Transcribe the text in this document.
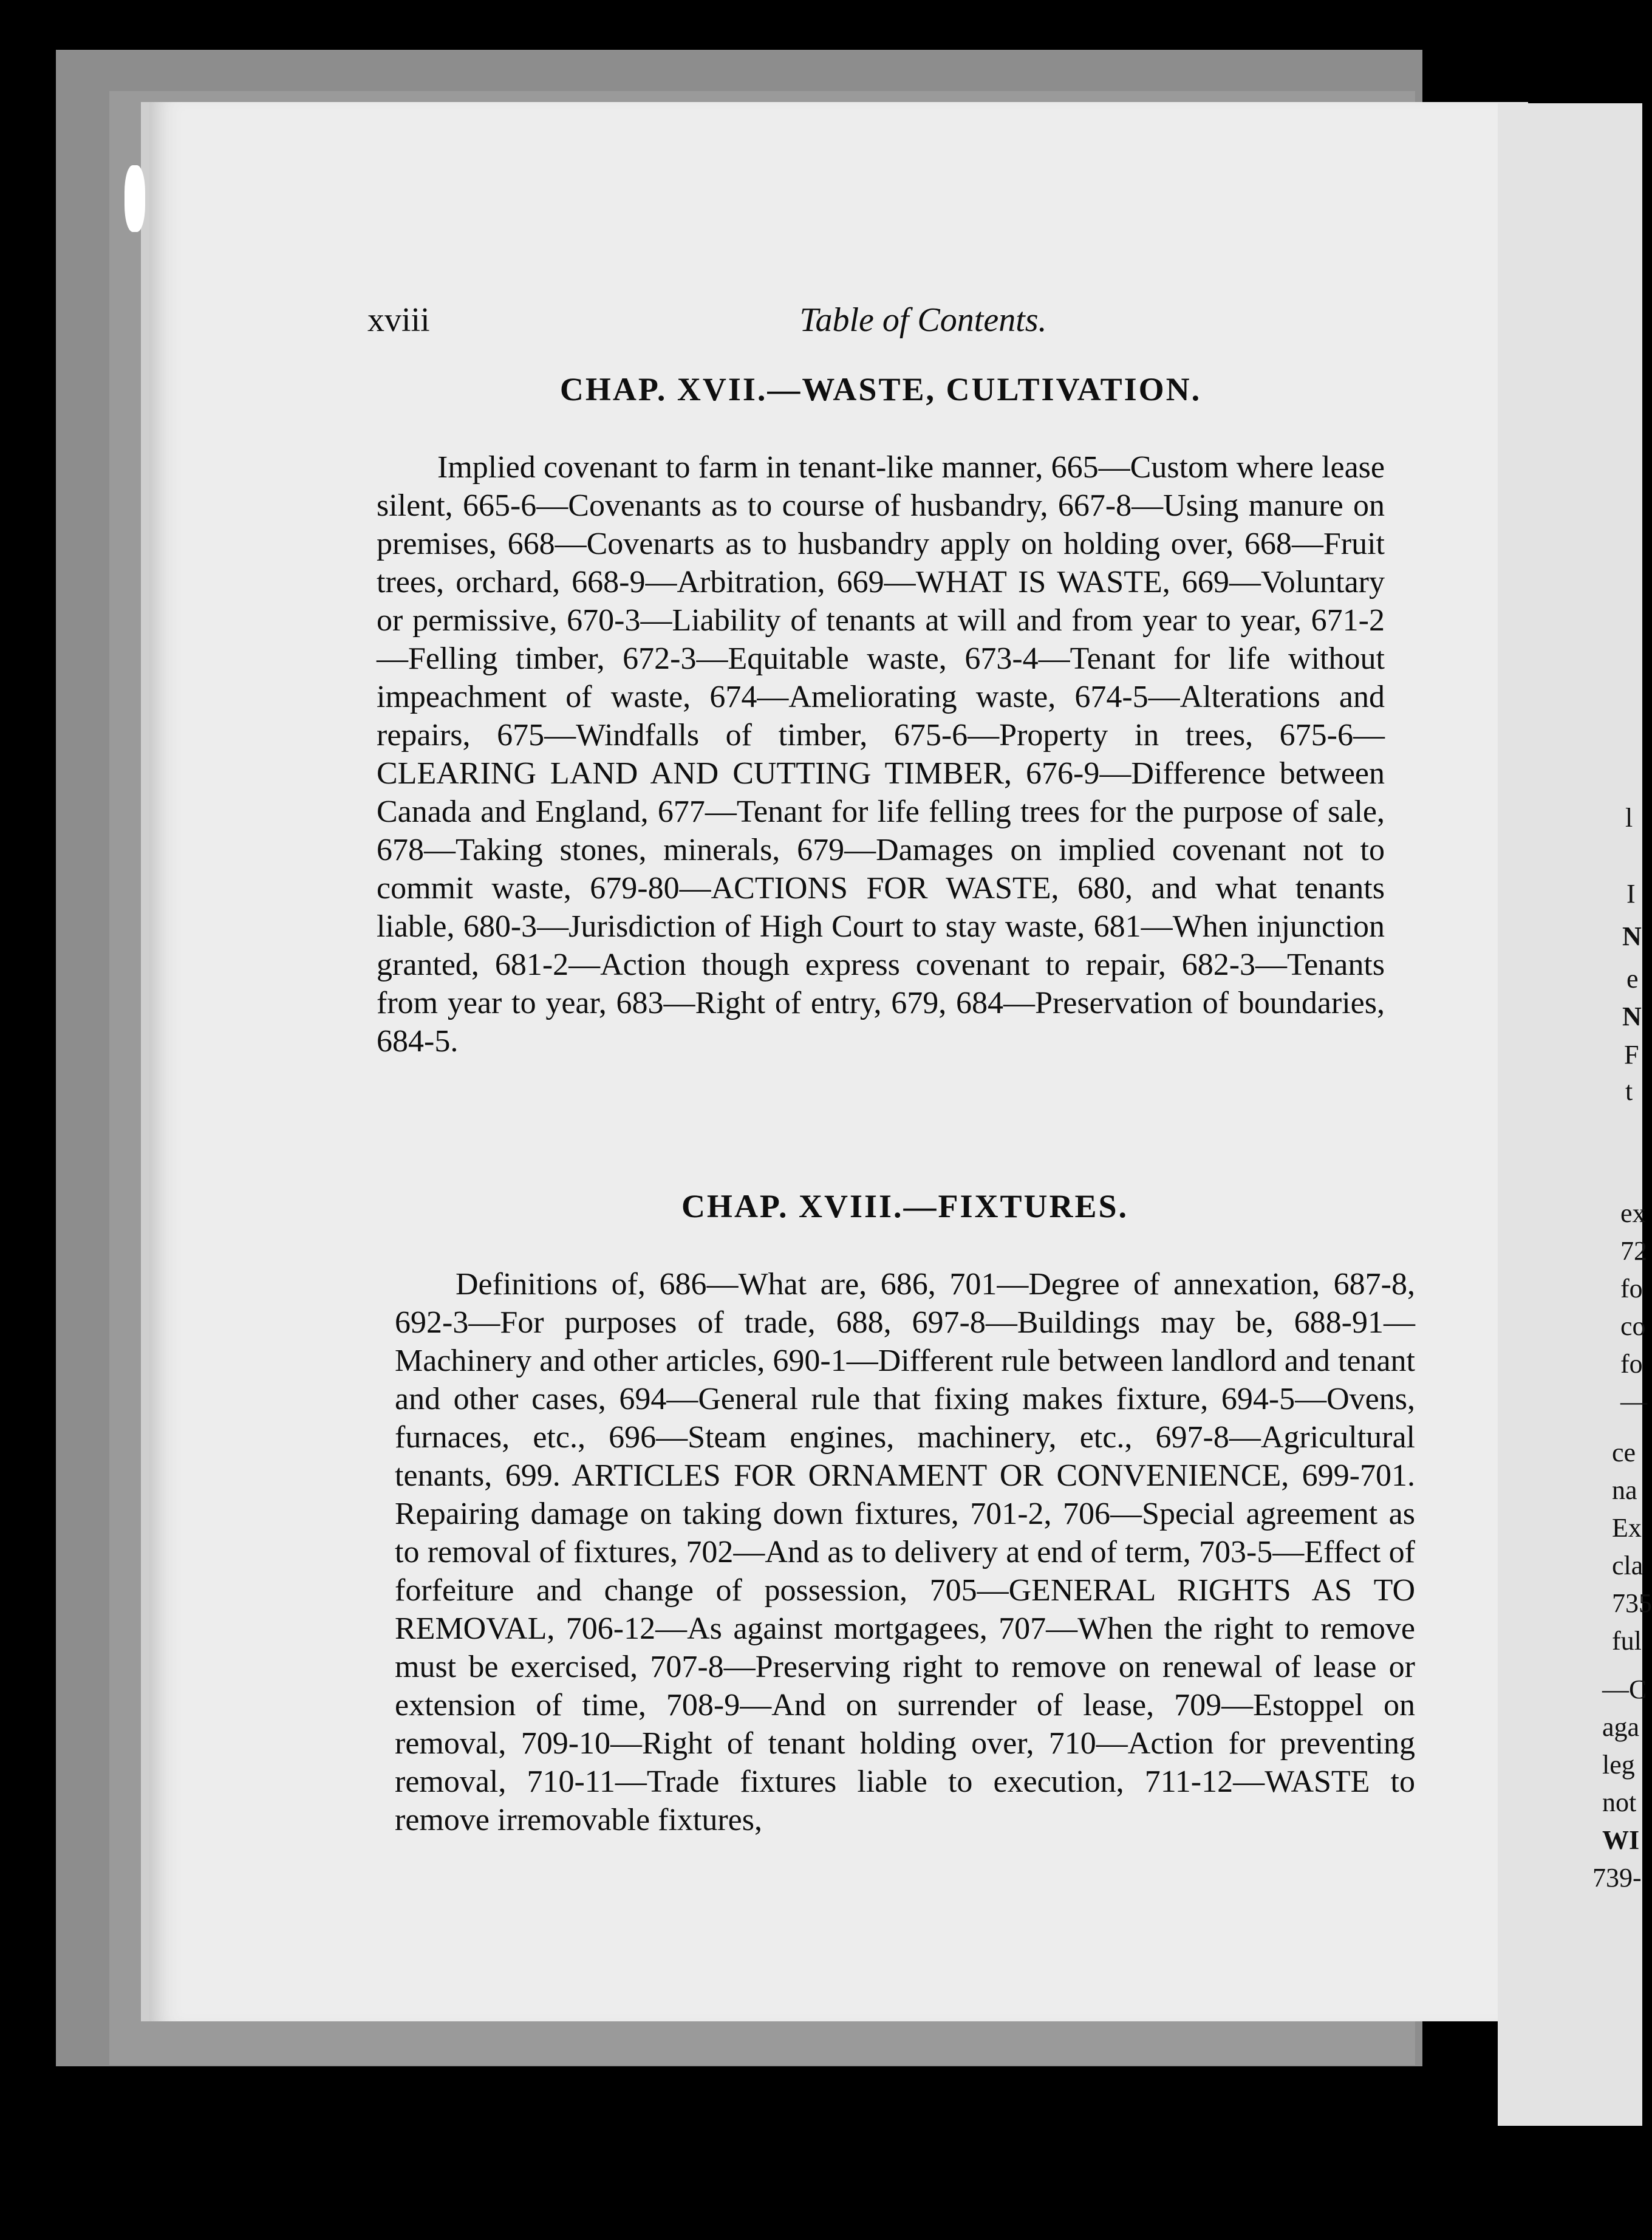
xviii	Table of Contents.
CHAP. XVII.—WASTE, CULTIVATION.

Implied covenant to farm in tenant-like manner, 665—Custom where lease silent, 665-6—Covenants as to course of husbandry, 667-8—Using manure on premises, 668—Covenarts as to husbandry apply on holding over, 668—Fruit trees, orchard, 668-9—Arbitration, 669—WHAT IS WASTE, 669—Voluntary or permissive, 670-3—Liability of tenants at will and from year to year, 671-2—Felling timber, 672-3—Equitable waste, 673-4—Tenant for life without impeachment of waste, 674—Ameliorating waste, 674-5—Alterations and repairs, 675—Windfalls of timber, 675-6—Property in trees, 675-6—CLEARING LAND AND CUTTING TIMBER, 676-9—Difference between Canada and England, 677—Tenant for life felling trees for the purpose of sale, 678—Taking stones, minerals, 679—Damages on implied covenant not to commit waste, 679-80—ACTIONS FOR WASTE, 680, and what tenants liable, 680-3—Jurisdiction of High Court to stay waste, 681—When injunction granted, 681-2—Action though express covenant to repair, 682-3—Tenants from year to year, 683—Right of entry, 679, 684—Preservation of boundaries, 684-5.

CHAP. XVIII.—FIXTURES.

Definitions of, 686—What are, 686, 701—Degree of annexation, 687-8, 692-3—For purposes of trade, 688, 697-8—Buildings may be, 688-91—Machinery and other articles, 690-1—Different rule between landlord and tenant and other cases, 694—General rule that fixing makes fixture, 694-5—Ovens, furnaces, etc., 696—Steam engines, machinery, etc., 697-8—Agricultural tenants, 699. ARTICLES FOR ORNAMENT OR CONVENIENCE, 699-701. Repairing damage on taking down fixtures, 701-2, 706—Special agreement as to removal of fixtures, 702—And as to delivery at end of term, 703-5—Effect of forfeiture and change of possession, 705—GENERAL RIGHTS AS TO REMOVAL, 706-12—As against mortgagees, 707—When the right to remove must be exercised, 707-8—Preserving right to remove on renewal of lease or extension of time, 708-9—And on surrender of lease, 709—Estoppel on removal, 709-10—Right of tenant holding over, 710—Action for preventing removal, 710-11—Trade fixtures liable to execution, 711-12—WASTE to remove irremovable fixtures,

l
I
N
e
N
F
t
ex
72
fo
co
fo
—
ce
na
Ex
cla
735
ful
—C
aga
leg
not
WI
739-
